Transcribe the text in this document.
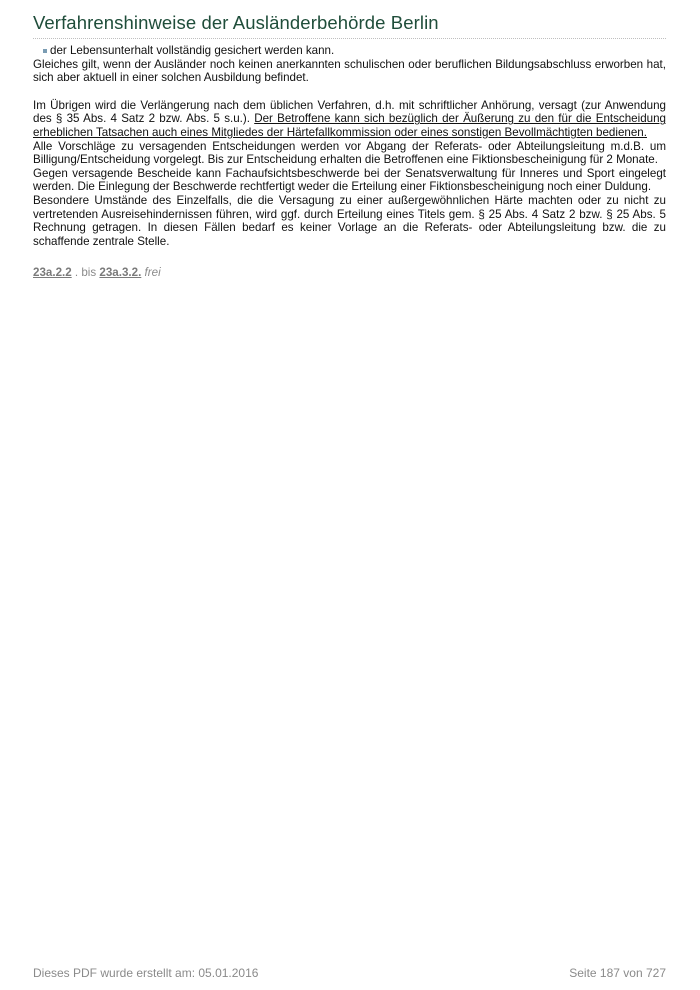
Verfahrenshinweise der Ausländerbehörde Berlin
der Lebensunterhalt vollständig gesichert werden kann.

Gleiches gilt, wenn der Ausländer noch keinen anerkannten schulischen oder beruflichen Bildungsabschluss erworben hat, sich aber aktuell in einer solchen Ausbildung befindet.

Im Übrigen wird die Verlängerung nach dem üblichen Verfahren, d.h. mit schriftlicher Anhörung, versagt (zur Anwendung des § 35 Abs. 4 Satz 2 bzw. Abs. 5 s.u.). Der Betroffene kann sich bezüglich der Äußerung zu den für die Entscheidung erheblichen Tatsachen auch eines Mitgliedes der Härtefallkommission oder eines sonstigen Bevollmächtigten bedienen.

Alle Vorschläge zu versagenden Entscheidungen werden vor Abgang der Referats- oder Abteilungsleitung m.d.B. um Billigung/Entscheidung vorgelegt. Bis zur Entscheidung erhalten die Betroffenen eine Fiktionsbescheinigung für 2 Monate.

Gegen versagende Bescheide kann Fachaufsichtsbeschwerde bei der Senatsverwaltung für Inneres und Sport eingelegt werden. Die Einlegung der Beschwerde rechtfertigt weder die Erteilung einer Fiktionsbescheinigung noch einer Duldung.

Besondere Umstände des Einzelfalls, die die Versagung zu einer außergewöhnlichen Härte machten oder zu nicht zu vertretenden Ausreisehindernissen führen, wird ggf. durch Erteilung eines Titels gem. § 25 Abs. 4 Satz 2 bzw. § 25 Abs. 5 Rechnung getragen. In diesen Fällen bedarf es keiner Vorlage an die Referats- oder Abteilungsleitung bzw. die zu schaffende zentrale Stelle.

23a.2.2 . bis 23a.3.2. frei
Dieses PDF wurde erstellt am: 05.01.2016	Seite 187 von 727
